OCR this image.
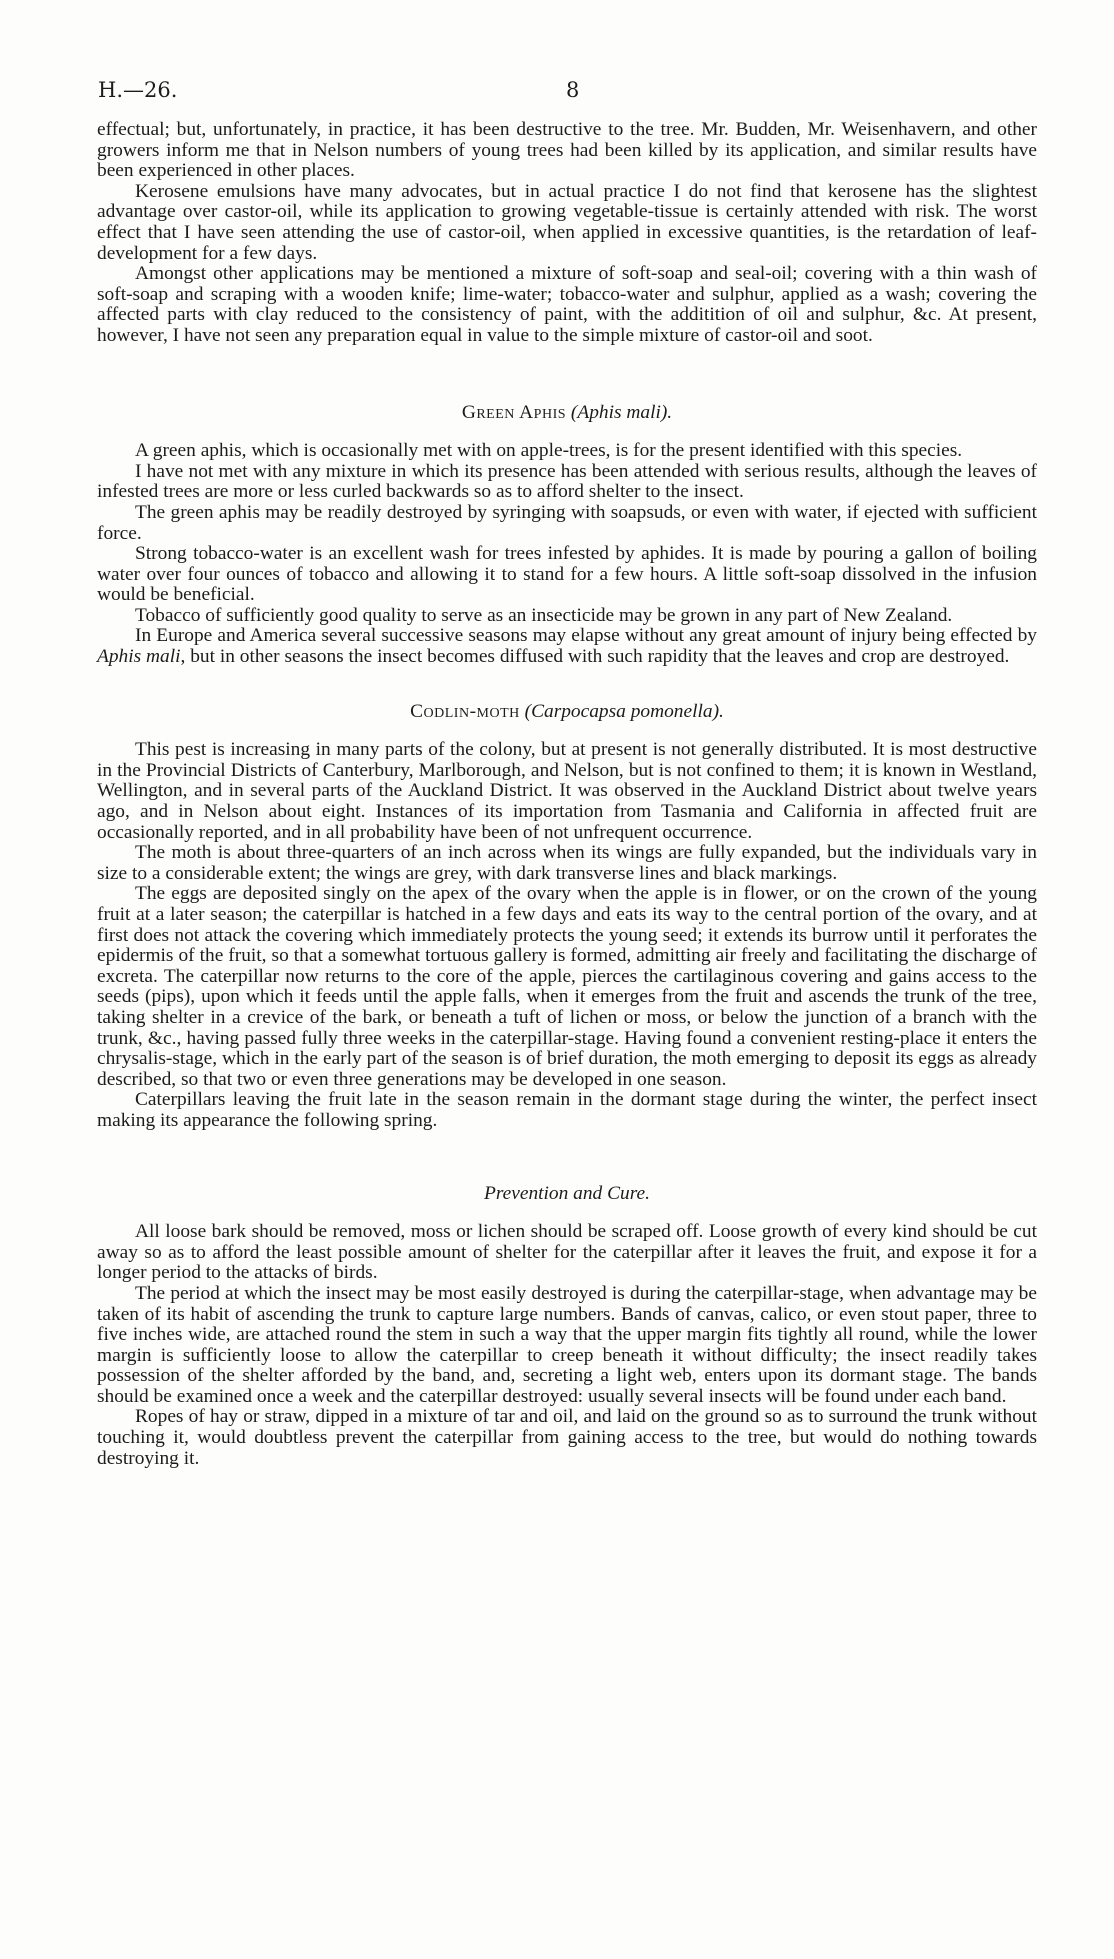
H.—26.	8

effectual; but, unfortunately, in practice, it has been destructive to the tree. Mr. Budden, Mr. Weisenhavern, and other growers inform me that in Nelson numbers of young trees had been killed by its application, and similar results have been experienced in other places.

Kerosene emulsions have many advocates, but in actual practice I do not find that kerosene has the slightest advantage over castor-oil, while its application to growing vegetable-tissue is certainly attended with risk. The worst effect that I have seen attending the use of castor-oil, when applied in excessive quantities, is the retardation of leaf-development for a few days.

Amongst other applications may be mentioned a mixture of soft-soap and seal-oil; covering with a thin wash of soft-soap and scraping with a wooden knife; lime-water; tobacco-water and sulphur, applied as a wash; covering the affected parts with clay reduced to the consistency of paint, with the additition of oil and sulphur, &c. At present, however, I have not seen any preparation equal in value to the simple mixture of castor-oil and soot.

Green Aphis (Aphis mali).

A green aphis, which is occasionally met with on apple-trees, is for the present identified with this species.

I have not met with any mixture in which its presence has been attended with serious results, although the leaves of infested trees are more or less curled backwards so as to afford shelter to the insect.

The green aphis may be readily destroyed by syringing with soapsuds, or even with water, if ejected with sufficient force.

Strong tobacco-water is an excellent wash for trees infested by aphides. It is made by pouring a gallon of boiling water over four ounces of tobacco and allowing it to stand for a few hours. A little soft-soap dissolved in the infusion would be beneficial.

Tobacco of sufficiently good quality to serve as an insecticide may be grown in any part of New Zealand.

In Europe and America several successive seasons may elapse without any great amount of injury being effected by Aphis mali, but in other seasons the insect becomes diffused with such rapidity that the leaves and crop are destroyed.

Codlin-moth (Carpocapsa pomonella).

This pest is increasing in many parts of the colony, but at present is not generally distributed. It is most destructive in the Provincial Districts of Canterbury, Marlborough, and Nelson, but is not confined to them; it is known in Westland, Wellington, and in several parts of the Auckland District. It was observed in the Auckland District about twelve years ago, and in Nelson about eight. Instances of its importation from Tasmania and California in affected fruit are occasionally reported, and in all probability have been of not unfrequent occurrence.

The moth is about three-quarters of an inch across when its wings are fully expanded, but the individuals vary in size to a considerable extent; the wings are grey, with dark transverse lines and black markings.

The eggs are deposited singly on the apex of the ovary when the apple is in flower, or on the crown of the young fruit at a later season; the caterpillar is hatched in a few days and eats its way to the central portion of the ovary, and at first does not attack the covering which immediately protects the young seed; it extends its burrow until it perforates the epidermis of the fruit, so that a somewhat tortuous gallery is formed, admitting air freely and facilitating the discharge of excreta. The caterpillar now returns to the core of the apple, pierces the cartilaginous covering and gains access to the seeds (pips), upon which it feeds until the apple falls, when it emerges from the fruit and ascends the trunk of the tree, taking shelter in a crevice of the bark, or beneath a tuft of lichen or moss, or below the junction of a branch with the trunk, &c., having passed fully three weeks in the caterpillar-stage. Having found a convenient resting-place it enters the chrysalis-stage, which in the early part of the season is of brief duration, the moth emerging to deposit its eggs as already described, so that two or even three generations may be developed in one season.

Caterpillars leaving the fruit late in the season remain in the dormant stage during the winter, the perfect insect making its appearance the following spring.

Prevention and Cure.

All loose bark should be removed, moss or lichen should be scraped off. Loose growth of every kind should be cut away so as to afford the least possible amount of shelter for the caterpillar after it leaves the fruit, and expose it for a longer period to the attacks of birds.

The period at which the insect may be most easily destroyed is during the caterpillar-stage, when advantage may be taken of its habit of ascending the trunk to capture large numbers. Bands of canvas, calico, or even stout paper, three to five inches wide, are attached round the stem in such a way that the upper margin fits tightly all round, while the lower margin is sufficiently loose to allow the caterpillar to creep beneath it without difficulty; the insect readily takes possession of the shelter afforded by the band, and, secreting a light web, enters upon its dormant stage. The bands should be examined once a week and the caterpillar destroyed: usually several insects will be found under each band.

Ropes of hay or straw, dipped in a mixture of tar and oil, and laid on the ground so as to surround the trunk without touching it, would doubtless prevent the caterpillar from gaining access to the tree, but would do nothing towards destroying it.
